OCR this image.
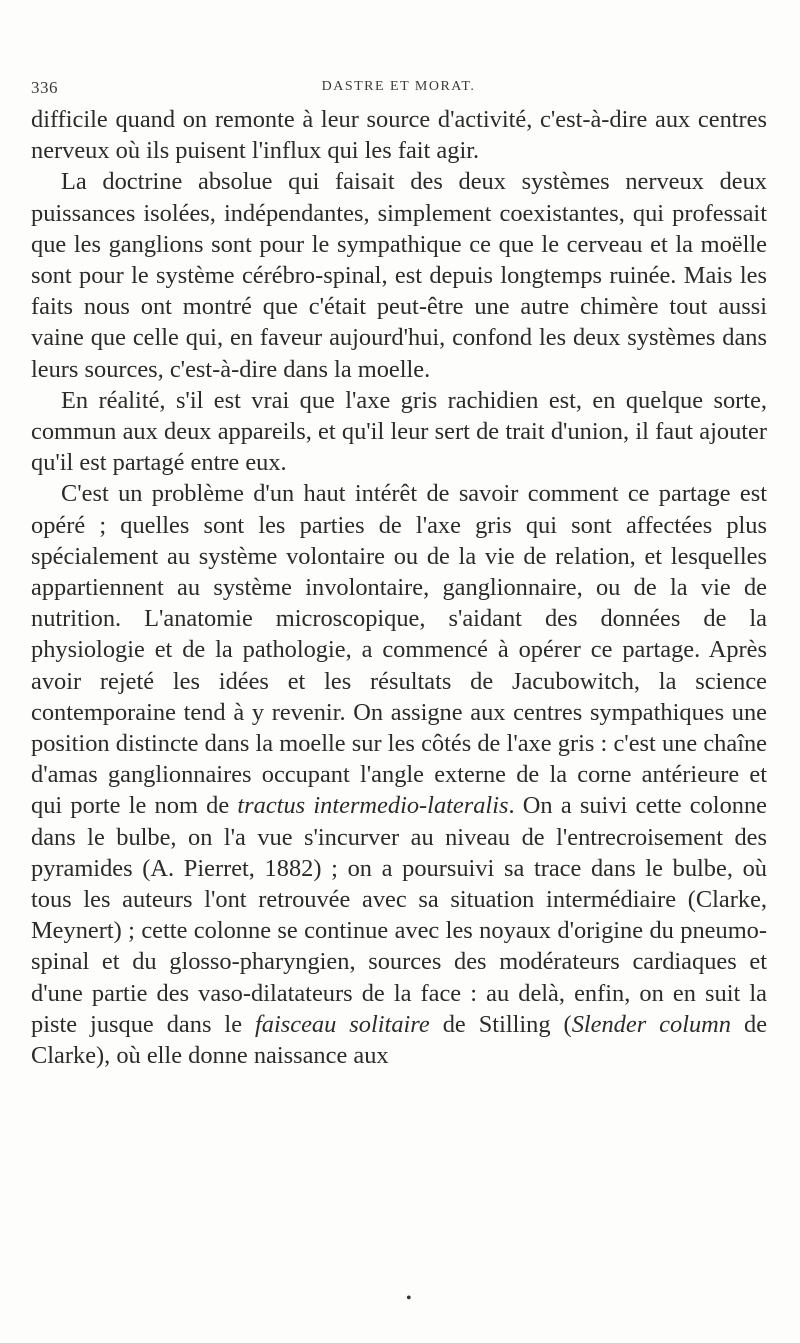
336	DASTRE ET MORAT.

difficile quand on remonte à leur source d'activité, c'est-à-dire aux centres nerveux où ils puisent l'influx qui les fait agir.

La doctrine absolue qui faisait des deux systèmes nerveux deux puissances isolées, indépendantes, simplement coexistantes, qui professait que les ganglions sont pour le sympathique ce que le cerveau et la moëlle sont pour le système cérébro-spinal, est depuis longtemps ruinée. Mais les faits nous ont montré que c'était peut-être une autre chimère tout aussi vaine que celle qui, en faveur aujourd'hui, confond les deux systèmes dans leurs sources, c'est-à-dire dans la moelle.

En réalité, s'il est vrai que l'axe gris rachidien est, en quelque sorte, commun aux deux appareils, et qu'il leur sert de trait d'union, il faut ajouter qu'il est partagé entre eux.

C'est un problème d'un haut intérêt de savoir comment ce partage est opéré ; quelles sont les parties de l'axe gris qui sont affectées plus spécialement au système volontaire ou de la vie de relation, et lesquelles appartiennent au système involontaire, ganglionnaire, ou de la vie de nutrition. L'anatomie microscopique, s'aidant des données de la physiologie et de la pathologie, a commencé à opérer ce partage. Après avoir rejeté les idées et les résultats de Jacubowitch, la science contemporaine tend à y revenir. On assigne aux centres sympathiques une position distincte dans la moelle sur les côtés de l'axe gris : c'est une chaîne d'amas ganglionnaires occupant l'angle externe de la corne antérieure et qui porte le nom de tractus intermedio-lateralis. On a suivi cette colonne dans le bulbe, on l'a vue s'incurver au niveau de l'entrecroisement des pyramides (A. Pierret, 1882) ; on a poursuivi sa trace dans le bulbe, où tous les auteurs l'ont retrouvée avec sa situation intermédiaire (Clarke, Meynert) ; cette colonne se continue avec les noyaux d'origine du pneumo-spinal et du glosso-pharyngien, sources des modérateurs cardiaques et d'une partie des vaso-dilatateurs de la face : au delà, enfin, on en suit la piste jusque dans le faisceau solitaire de Stilling (Slender column de Clarke), où elle donne naissance aux

•
